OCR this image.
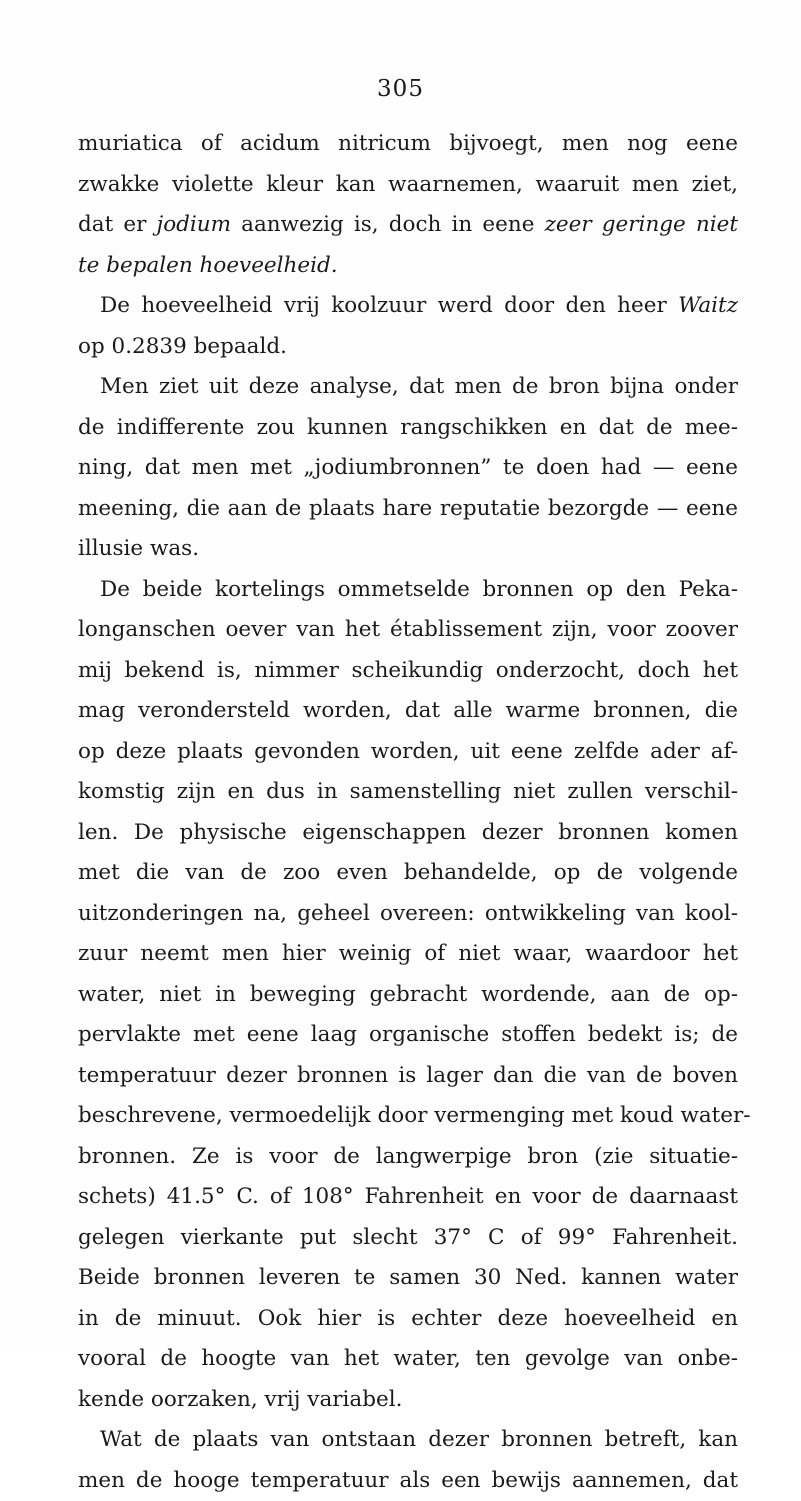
305
muriatica of acidum nitricum bijvoegt, men nog eene
zwakke violette kleur kan waarnemen, waaruit men ziet,
dat er jodium aanwezig is, doch in eene zeer geringe niet
te bepalen hoeveelheid.
De hoeveelheid vrij koolzuur werd door den heer Waitz
op 0.2839 bepaald.
Men ziet uit deze analyse, dat men de bron bijna onder
de indifferente zou kunnen rangschikken en dat de mee-
ning, dat men met „jodiumbronnen” te doen had — eene
meening, die aan de plaats hare reputatie bezorgde — eene
illusie was.
De beide kortelings ommetselde bronnen op den Peka-
longanschen oever van het établissement zijn, voor zoover
mij bekend is, nimmer scheikundig onderzocht, doch het
mag verondersteld worden, dat alle warme bronnen, die
op deze plaats gevonden worden, uit eene zelfde ader af-
komstig zijn en dus in samenstelling niet zullen verschil-
len. De physische eigenschappen dezer bronnen komen
met die van de zoo even behandelde, op de volgende
uitzonderingen na, geheel overeen: ontwikkeling van kool-
zuur neemt men hier weinig of niet waar, waardoor het
water, niet in beweging gebracht wordende, aan de op-
pervlakte met eene laag organische stoffen bedekt is; de
temperatuur dezer bronnen is lager dan die van de boven
beschrevene, vermoedelijk door vermenging met koud water-
bronnen. Ze is voor de langwerpige bron (zie situatie-
schets) 41.5° C. of 108° Fahrenheit en voor de daarnaast
gelegen vierkante put slecht 37° C of 99° Fahrenheit.
Beide bronnen leveren te samen 30 Ned. kannen water
in de minuut. Ook hier is echter deze hoeveelheid en
vooral de hoogte van het water, ten gevolge van onbe-
kende oorzaken, vrij variabel.
Wat de plaats van ontstaan dezer bronnen betreft, kan
men de hooge temperatuur als een bewijs aannemen, dat
